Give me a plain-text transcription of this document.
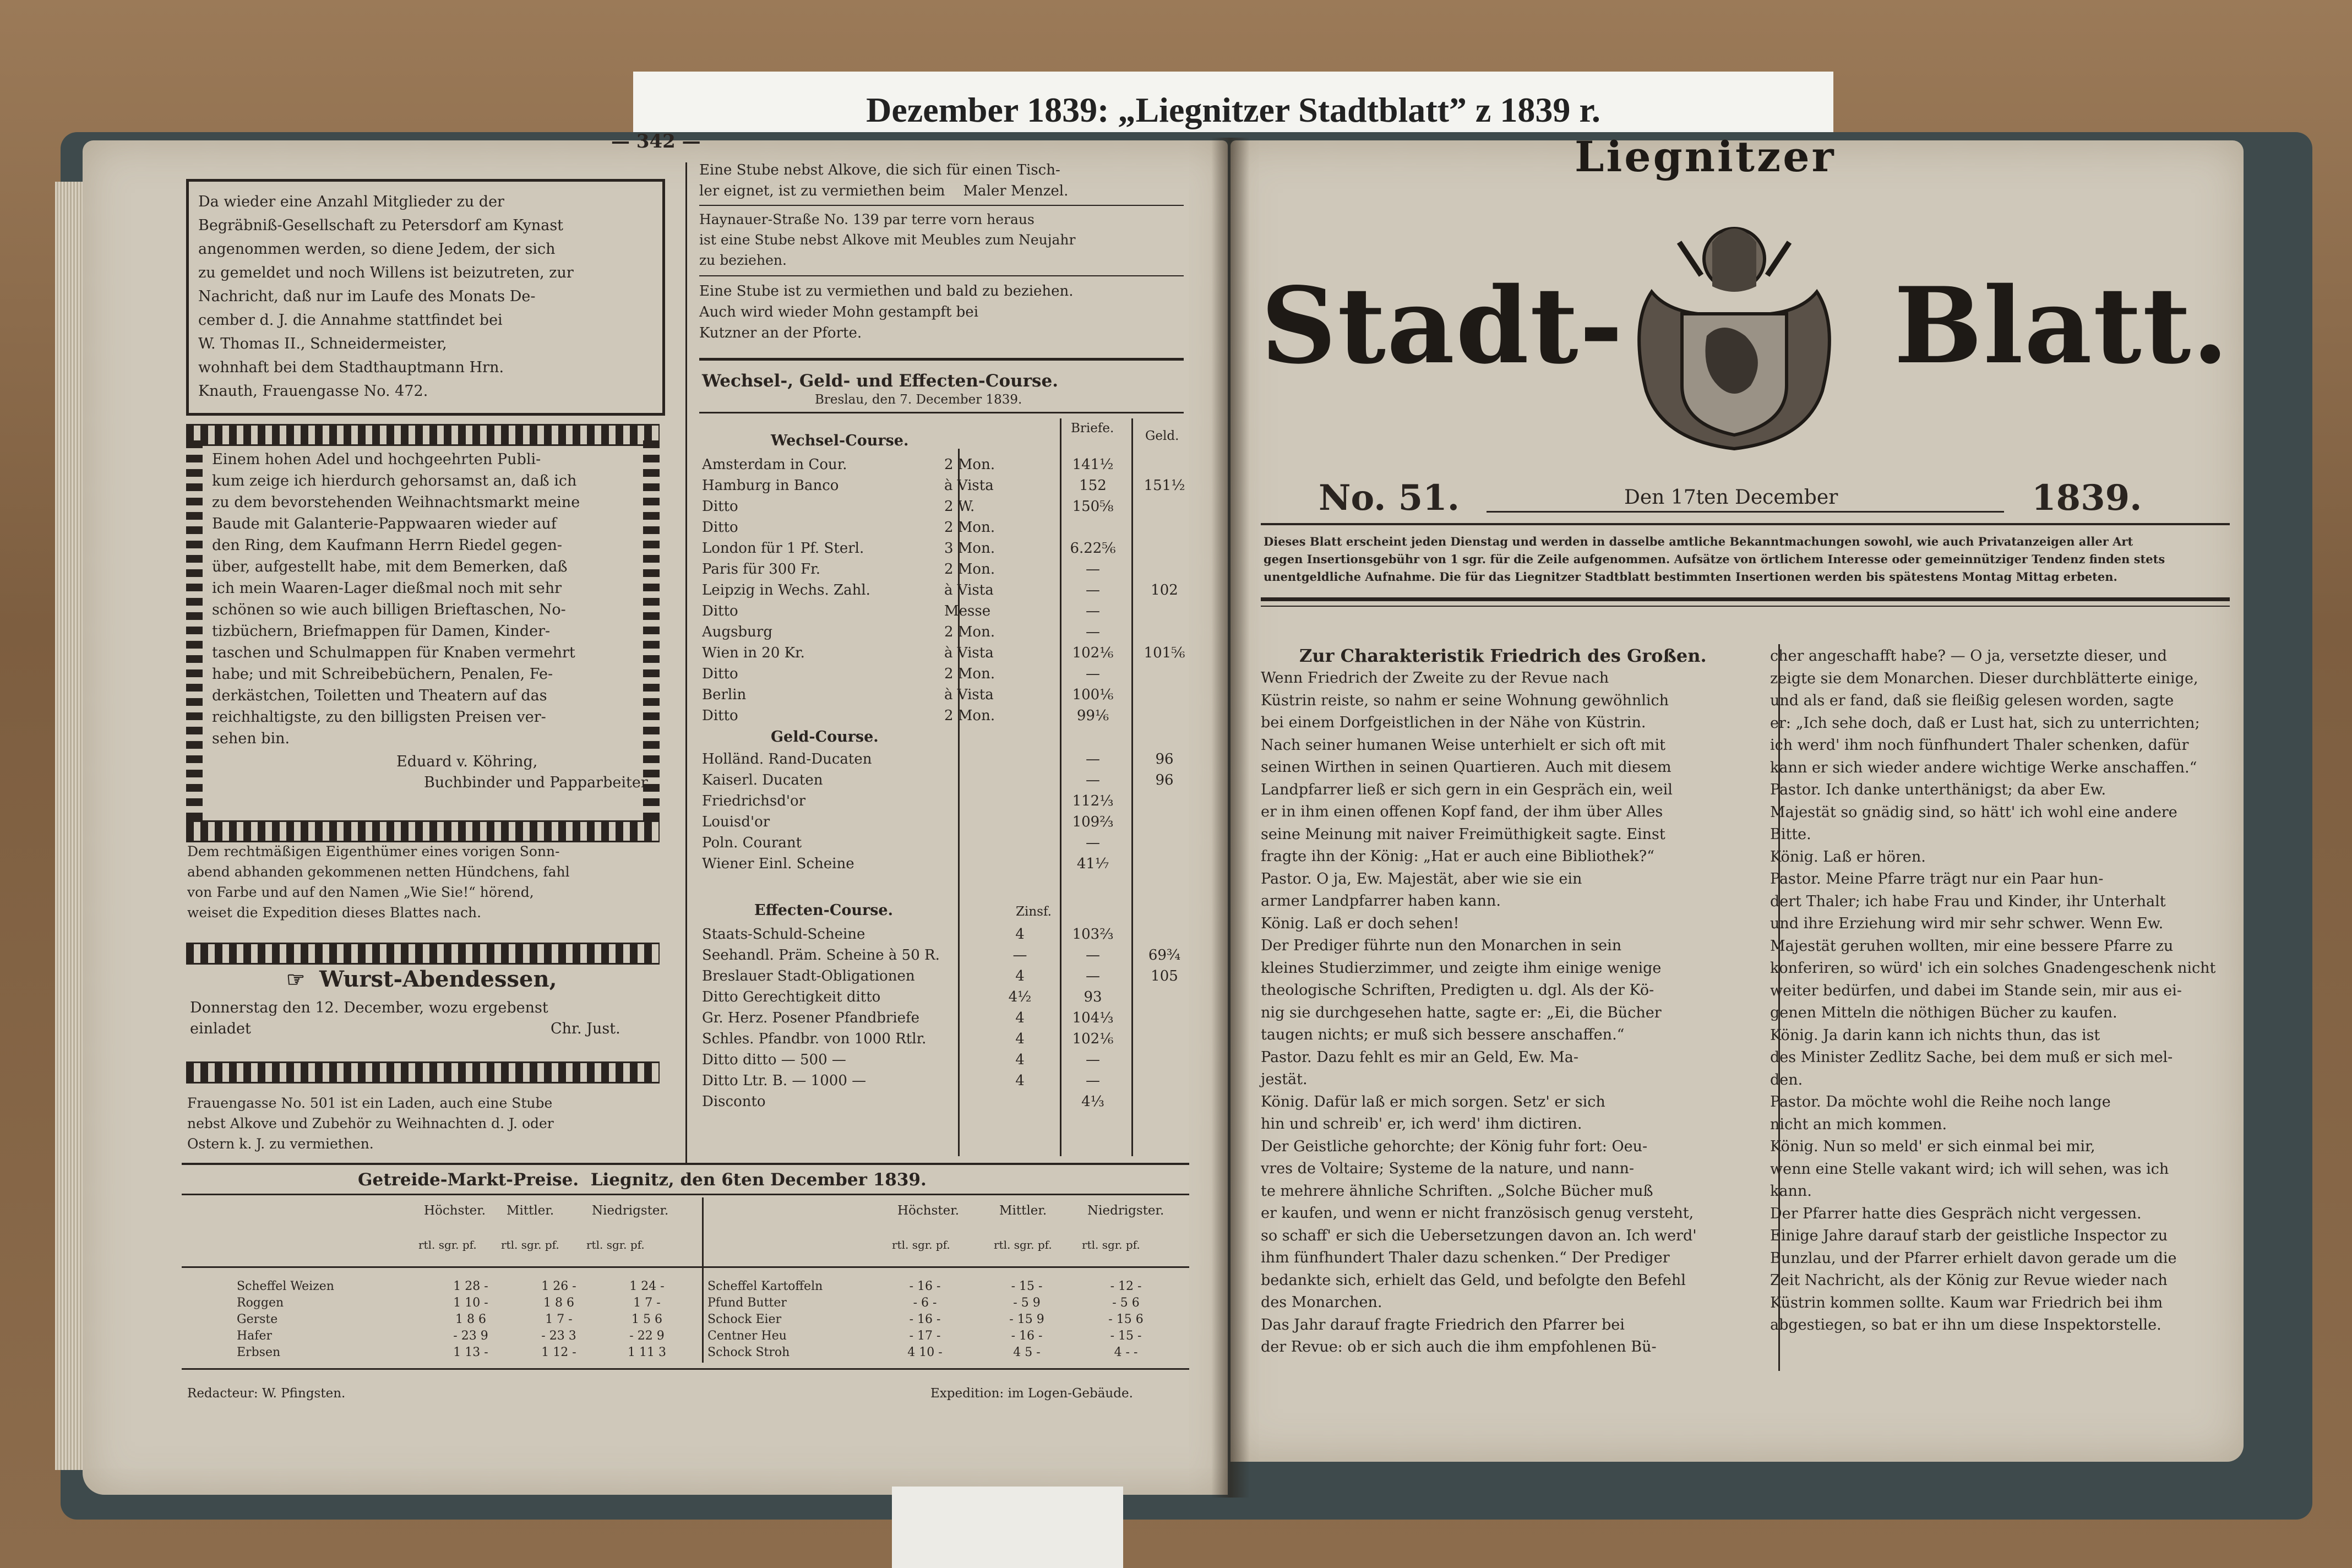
Dezember 1839: „Liegnitzer Stadtblatt” z 1839 r.
— 342 —
Da wieder eine Anzahl Mitglieder zu der
Begräbniß-Gesellschaft zu Petersdorf am Kynast
angenommen werden, so diene Jedem, der sich
zu gemeldet und noch Willens ist beizutreten, zur
Nachricht, daß nur im Laufe des Monats De-
cember d. J. die Annahme stattfindet bei
W. Thomas II., Schneidermeister,
wohnhaft bei dem Stadthauptmann Hrn.
Knauth, Frauengasse No. 472.
Einem hohen Adel und hochgeehrten Publi-
kum zeige ich hierdurch gehorsamst an, daß ich
zu dem bevorstehenden Weihnachtsmarkt meine
Baude mit Galanterie-Pappwaaren wieder auf
den Ring, dem Kaufmann Herrn Riedel gegen-
über, aufgestellt habe, mit dem Bemerken, daß
ich mein Waaren-Lager dießmal noch mit sehr
schönen so wie auch billigen Brieftaschen, No-
tizbüchern, Briefmappen für Damen, Kinder-
taschen und Schulmappen für Knaben vermehrt
habe; und mit Schreibebüchern, Penalen, Fe-
derkästchen, Toiletten und Theatern auf das
reichhaltigste, zu den billigsten Preisen ver-
sehen bin.
Eduard v. Köhring,
Buchbinder und Papparbeiter.
Dem rechtmäßigen Eigenthümer eines vorigen Sonn-
abend abhanden gekommenen netten Hündchens, fahl
von Farbe und auf den Namen „Wie Sie!“ hörend,
weiset die Expedition dieses Blattes nach.
☞ Wurst-Abendessen,
Donnerstag den 12. December, wozu ergebenst
einladet	Chr. Just.
Frauengasse No. 501 ist ein Laden, auch eine Stube
nebst Alkove und Zubehör zu Weihnachten d. J. oder
Ostern k. J. zu vermiethen.
Eine Stube nebst Alkove, die sich für einen Tisch-
ler eignet, ist zu vermiethen beim    Maler Menzel.
Haynauer-Straße No. 139 par terre vorn heraus
ist eine Stube nebst Alkove mit Meubles zum Neujahr
zu beziehen.
Eine Stube ist zu vermiethen und bald zu beziehen.
Auch wird wieder Mohn gestampft bei
Kutzner an der Pforte.
Wechsel-, Geld- und Effecten-Course.
Breslau, den 7. December 1839.
Briefe.
Geld.
Wechsel-Course.
Amsterdam in Cour.	2 Mon.	141½
Hamburg in Banco	à Vista	152	151½
Ditto	2 W.	150⅝
Ditto	2 Mon.
London für 1 Pf. Sterl.	3 Mon.	6.22⅚
Paris für 300 Fr.	2 Mon.	—
Leipzig in Wechs. Zahl.	à Vista	—	102
Ditto	Messe	—
Augsburg	2 Mon.	—
Wien in 20 Kr.	à Vista	102⅙	101⅚
Ditto	2 Mon.	—
Berlin	à Vista	100⅙
Ditto	2 Mon.	99⅙
Geld-Course.
Holländ. Rand-Ducaten	—	96
Kaiserl. Ducaten	—	96
Friedrichsd'or	112⅓
Louisd'or	109⅔
Poln. Courant	—
Wiener Einl. Scheine	41⅐
Effecten-Course.	Zinsf.
Staats-Schuld-Scheine	4	103⅔
Seehandl. Präm. Scheine à 50 R.	—	—	69¾
Breslauer Stadt-Obligationen	4	—	105
Ditto Gerechtigkeit ditto	4½	93
Gr. Herz. Posener Pfandbriefe	4	104⅓
Schles. Pfandbr. von 1000 Rtlr.	4	102⅙
Ditto ditto — 500 —	4	—
Ditto Ltr. B. — 1000 —	4	—
Disconto	4⅓
Getreide-Markt-Preise.  Liegnitz, den 6ten December 1839.
Höchster.
rtl. sgr. pf.
Mittler.
rtl. sgr. pf.
Niedrigster.
rtl. sgr. pf.
Höchster.
rtl. sgr. pf.
Mittler.
rtl. sgr. pf.
Niedrigster.
rtl. sgr. pf.
Scheffel Weizen	1 28 -	1 26 -	1 24 -
Roggen	1 10 -	1 8 6	1 7 -
Gerste	1 8 6	1 7 -	1 5 6
Hafer	- 23 9	- 23 3	- 22 9
Erbsen	1 13 -	1 12 -	1 11 3
Scheffel Kartoffeln	- 16 -	- 15 -	- 12 -
Pfund Butter	- 6 -	- 5 9	- 5 6
Schock Eier	- 16 -	- 15 9	- 15 6
Centner Heu	- 17 -	- 16 -	- 15 -
Schock Stroh	4 10 -	4 5 -	4 - -
Redacteur: W. Pfingsten.	Expedition: im Logen-Gebäude.
Liegnitzer
Stadt-	Blatt.
No. 51.	Den 17ten December	1839.
Dieses Blatt erscheint jeden Dienstag und werden in dasselbe amtliche Bekanntmachungen sowohl, wie auch Privatanzeigen aller Art
gegen Insertionsgebühr von 1 sgr. für die Zeile aufgenommen. Aufsätze von örtlichem Interesse oder gemeinnütziger Tendenz finden stets
unentgeldliche Aufnahme. Die für das Liegnitzer Stadtblatt bestimmten Insertionen werden bis spätestens Montag Mittag erbeten.
Zur Charakteristik Friedrich des Großen.
Wenn Friedrich der Zweite zu der Revue nach
Küstrin reiste, so nahm er seine Wohnung gewöhnlich
bei einem Dorfgeistlichen in der Nähe von Küstrin.
Nach seiner humanen Weise unterhielt er sich oft mit
seinen Wirthen in seinen Quartieren. Auch mit diesem
Landpfarrer ließ er sich gern in ein Gespräch ein, weil
er in ihm einen offenen Kopf fand, der ihm über Alles
seine Meinung mit naiver Freimüthigkeit sagte. Einst
fragte ihn der König: „Hat er auch eine Bibliothek?“
Pastor. O ja, Ew. Majestät, aber wie sie ein
armer Landpfarrer haben kann.
König. Laß er doch sehen!
Der Prediger führte nun den Monarchen in sein
kleines Studierzimmer, und zeigte ihm einige wenige
theologische Schriften, Predigten u. dgl. Als der Kö-
nig sie durchgesehen hatte, sagte er: „Ei, die Bücher
taugen nichts; er muß sich bessere anschaffen.“
Pastor. Dazu fehlt es mir an Geld, Ew. Ma-
jestät.
König. Dafür laß er mich sorgen. Setz' er sich
hin und schreib' er, ich werd' ihm dictiren.
Der Geistliche gehorchte; der König fuhr fort: Oeu-
vres de Voltaire; Systeme de la nature, und nann-
te mehrere ähnliche Schriften. „Solche Bücher muß
er kaufen, und wenn er nicht französisch genug versteht,
so schaff' er sich die Uebersetzungen davon an. Ich werd'
ihm fünfhundert Thaler dazu schenken.“ Der Prediger
bedankte sich, erhielt das Geld, und befolgte den Befehl
des Monarchen.
Das Jahr darauf fragte Friedrich den Pfarrer bei
der Revue: ob er sich auch die ihm empfohlenen Bü-
cher angeschafft habe? — O ja, versetzte dieser, und
zeigte sie dem Monarchen. Dieser durchblätterte einige,
und als er fand, daß sie fleißig gelesen worden, sagte
er: „Ich sehe doch, daß er Lust hat, sich zu unterrichten;
ich werd' ihm noch fünfhundert Thaler schenken, dafür
kann er sich wieder andere wichtige Werke anschaffen.“
Pastor. Ich danke unterthänigst; da aber Ew.
Majestät so gnädig sind, so hätt' ich wohl eine andere
Bitte.
König. Laß er hören.
Pastor. Meine Pfarre trägt nur ein Paar hun-
dert Thaler; ich habe Frau und Kinder, ihr Unterhalt
und ihre Erziehung wird mir sehr schwer. Wenn Ew.
Majestät geruhen wollten, mir eine bessere Pfarre zu
konferiren, so würd' ich ein solches Gnadengeschenk nicht
weiter bedürfen, und dabei im Stande sein, mir aus ei-
genen Mitteln die nöthigen Bücher zu kaufen.
König. Ja darin kann ich nichts thun, das ist
des Minister Zedlitz Sache, bei dem muß er sich mel-
den.
Pastor. Da möchte wohl die Reihe noch lange
nicht an mich kommen.
König. Nun so meld' er sich einmal bei mir,
wenn eine Stelle vakant wird; ich will sehen, was ich
kann.
Der Pfarrer hatte dies Gespräch nicht vergessen.
Einige Jahre darauf starb der geistliche Inspector zu
Bunzlau, und der Pfarrer erhielt davon gerade um die
Zeit Nachricht, als der König zur Revue wieder nach
Küstrin kommen sollte. Kaum war Friedrich bei ihm
abgestiegen, so bat er ihn um diese Inspektorstelle.
